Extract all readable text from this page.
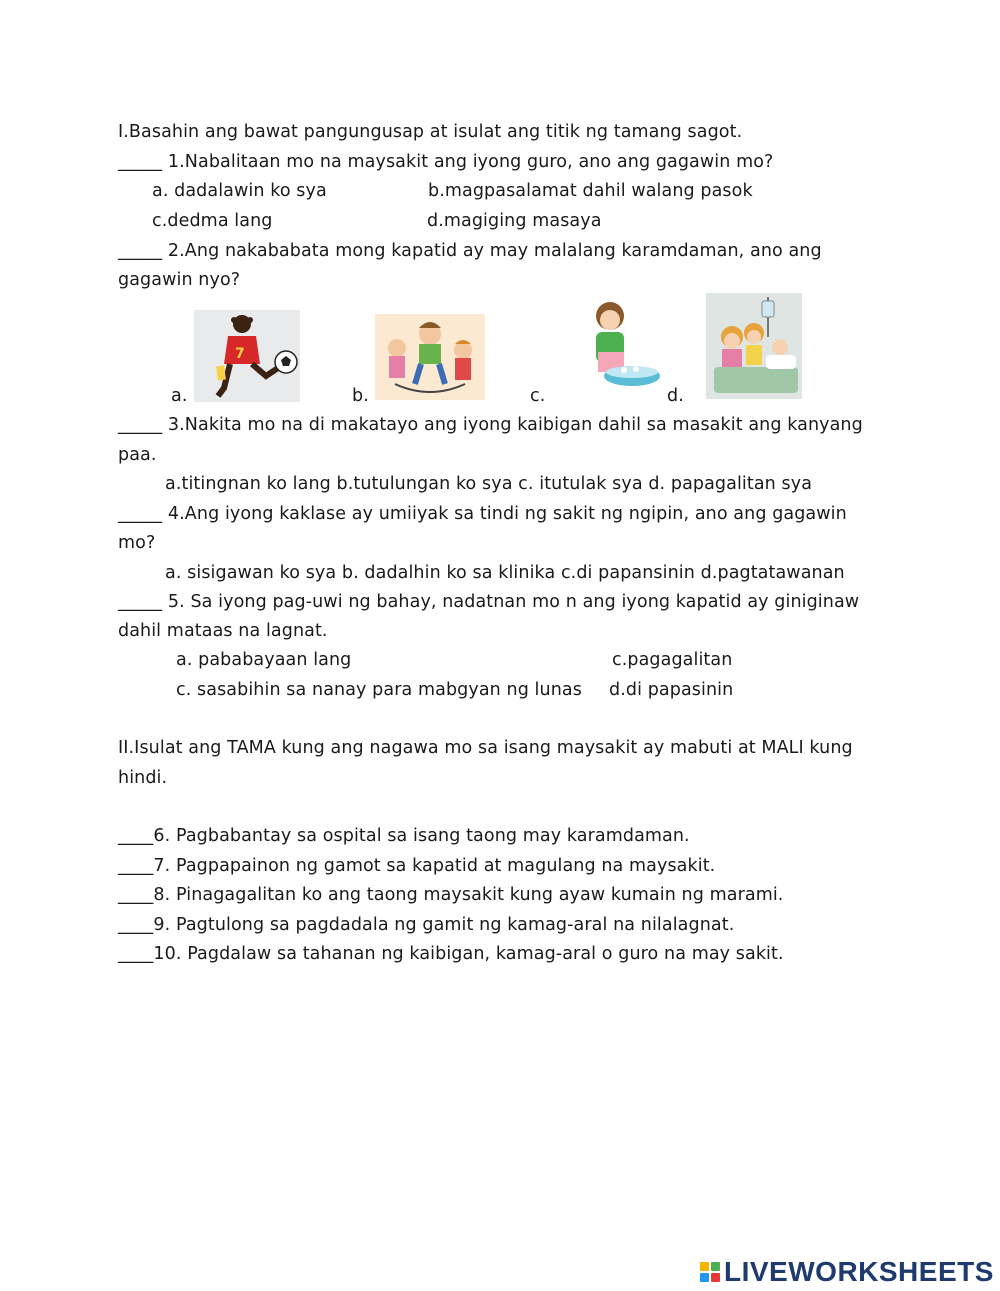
I.Basahin ang bawat pangungusap at isulat ang titik ng tamang sagot.
_____ 1.Nabalitaan mo na maysakit ang iyong guro, ano ang gagawin mo?
a. dadalawin ko sya	b.magpasalamat dahil walang pasok
c.dedma lang	d.magiging masaya
_____ 2.Ang nakababata mong kapatid ay may malalang karamdaman, ano ang
gagawin nyo?
a.
7
b.	c.	d.
_____ 3.Nakita mo na di makatayo ang iyong kaibigan dahil sa masakit ang kanyang
paa.
a.titingnan ko lang b.tutulungan ko sya c. itutulak sya d. papagalitan sya
_____ 4.Ang iyong kaklase ay umiiyak sa tindi ng sakit ng ngipin, ano ang gagawin
mo?
a. sisigawan ko sya b. dadalhin ko sa klinika c.di papansinin d.pagtatawanan
_____ 5. Sa iyong pag-uwi ng bahay, nadatnan mo n ang iyong kapatid ay giniginaw
dahil mataas na lagnat.
a. pababayaan lang	c.pagagalitan
c. sasabihin sa nanay para mabgyan ng lunas d.di papasinin
II.Isulat ang TAMA kung ang nagawa mo sa isang maysakit ay mabuti at MALI kung
hindi.
____6. Pagbabantay sa ospital sa isang taong may karamdaman.
____7. Pagpapainon ng gamot sa kapatid at magulang na maysakit.
____8. Pinagagalitan ko ang taong maysakit kung ayaw kumain ng marami.
____9. Pagtulong sa pagdadala ng gamit ng kamag-aral na nilalagnat.
____10. Pagdalaw sa tahanan ng kaibigan, kamag-aral o guro na may sakit.
LIVEWORKSHEETS
